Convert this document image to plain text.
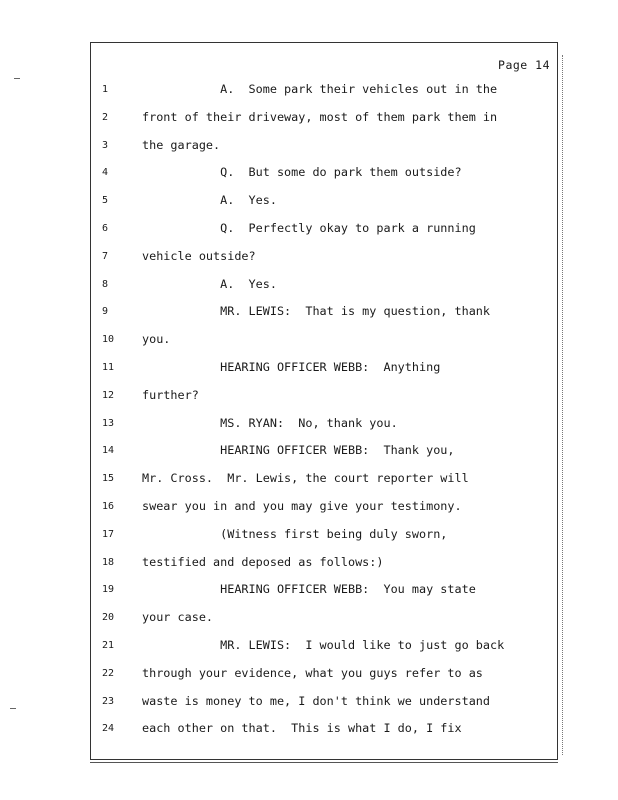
Page 14
1	A.  Some park their vehicles out in the
2	front of their driveway, most of them park them in
3	the garage.
4	Q.  But some do park them outside?
5	A.  Yes.
6	Q.  Perfectly okay to park a running
7	vehicle outside?
8	A.  Yes.
9	MR. LEWIS:  That is my question, thank
10	you.
11	HEARING OFFICER WEBB:  Anything
12	further?
13	MS. RYAN:  No, thank you.
14	HEARING OFFICER WEBB:  Thank you,
15	Mr. Cross.  Mr. Lewis, the court reporter will
16	swear you in and you may give your testimony.
17	(Witness first being duly sworn,
18	testified and deposed as follows:)
19	HEARING OFFICER WEBB:  You may state
20	your case.
21	MR. LEWIS:  I would like to just go back
22	through your evidence, what you guys refer to as
23	waste is money to me, I don't think we understand
24	each other on that.  This is what I do, I fix
